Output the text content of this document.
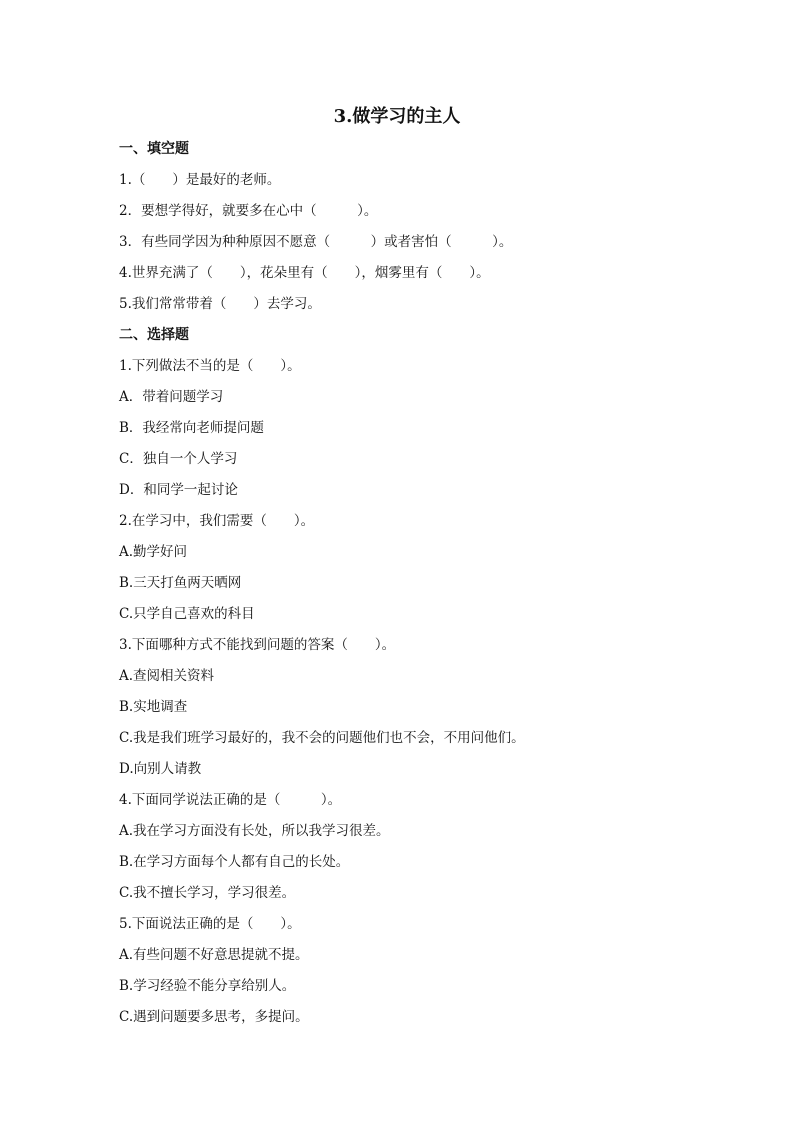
3.做学习的主人
一、填空题
1.（　　）是最好的老师。
2．要想学得好，就要多在心中（　　　）。
3．有些同学因为种种原因不愿意（　　　）或者害怕（　　　）。
4.世界充满了（　　），花朵里有（　　），烟雾里有（　　）。
5.我们常常带着（　　）去学习。
二、选择题
1.下列做法不当的是（　　）。
A．带着问题学习
B．我经常向老师提问题
C．独自一个人学习
D．和同学一起讨论
2.在学习中，我们需要（　　）。
A.勤学好问
B.三天打鱼两天晒网
C.只学自己喜欢的科目
3.下面哪种方式不能找到问题的答案（　　）。
A.查阅相关资料
B.实地调查
C.我是我们班学习最好的，我不会的问题他们也不会，不用问他们。
D.向别人请教
4.下面同学说法正确的是（　　　）。
A.我在学习方面没有长处，所以我学习很差。
B.在学习方面每个人都有自己的长处。
C.我不擅长学习，学习很差。
5.下面说法正确的是（　　）。
A.有些问题不好意思提就不提。
B.学习经验不能分享给别人。
C.遇到问题要多思考，多提问。
